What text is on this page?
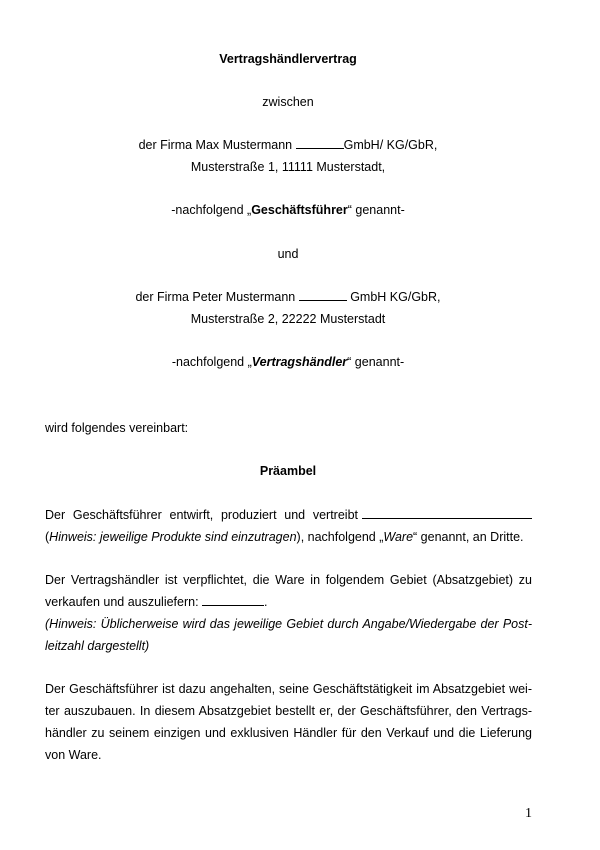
Vertragshändlervertrag
zwischen
der Firma Max Mustermann	GmbH/ KG/GbR,
Musterstraße 1, 11111 Musterstadt,
-nachfolgend „Geschäftsführer“ genannt-
und
der Firma Peter Mustermann	GmbH KG/GbR,
Musterstraße 2, 22222 Musterstadt
-nachfolgend „Vertragshändler“ genannt-
wird folgendes vereinbart:
Präambel
Der Geschäftsführer entwirft, produziert und vertreibt
(Hinweis: jeweilige Produkte sind einzutragen), nachfolgend „Ware“ genannt, an Dritte.
Der Vertragshändler ist verpflichtet, die Ware in folgendem Gebiet (Absatzgebiet) zu
verkaufen und auszuliefern:	.
(Hinweis: Üblicherweise wird das jeweilige Gebiet durch Angabe/Wiedergabe der Post-
leitzahl dargestellt)
Der Geschäftsführer ist dazu angehalten, seine Geschäftstätigkeit im Absatzgebiet wei-
ter auszubauen. In diesem Absatzgebiet bestellt er, der Geschäftsführer, den Vertrags-
händler zu seinem einzigen und exklusiven Händler für den Verkauf und die Lieferung
von Ware.
1
